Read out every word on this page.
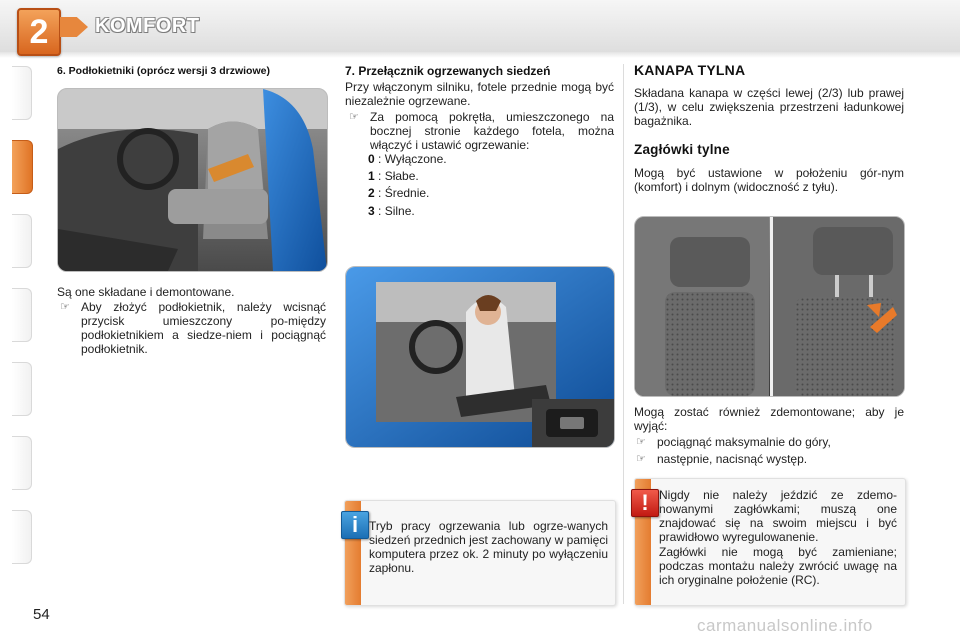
2	KOMFORT
6. Podłokietniki (oprócz wersji 3 drzwiowe)
Są one składane i demontowane.
☞ Aby złożyć podłokietnik, należy wcisnąć przycisk umieszczony po-między podłokietnikiem a siedze-niem i pociągnąć podłokietnik.
7. Przełącznik ogrzewanych siedzeń
Przy włączonym silniku, fotele przednie mogą być niezależnie ogrzewane.
☞ Za pomocą pokrętła, umieszczonego na bocznej stronie każdego fotela, można włączyć i ustawić ogrzewanie:
0 : Wyłączone.
1 : Słabe.
2 : Średnie.
3 : Silne.
i Tryb pracy ogrzewania lub ogrze-wanych siedzeń przednich jest zachowany w pamięci komputera przez ok. 2 minuty po wyłączeniu zapłonu.
KANAPA TYLNA
Składana kanapa w części lewej (2/3) lub prawej (1/3), w celu zwiększenia przestrzeni ładunkowej bagażnika.
Zagłówki tylne
Mogą być ustawione w położeniu gór-nym (komfort) i dolnym (widoczność z tyłu).
Mogą zostać również zdemontowane; aby je wyjąć:
☞ pociągnąć maksymalnie do góry,
☞ następnie, nacisnąć występ.
! Nigdy nie należy jeździć ze zdemo-nowanymi zagłówkami; muszą one znajdować się na swoim miejscu i być prawidłowo wyregulowanenie.
Zagłówki nie mogą być zamieniane; podczas montażu należy zwrócić uwagę na ich oryginalne położenie (RC).
54
carmanualsonline.info
